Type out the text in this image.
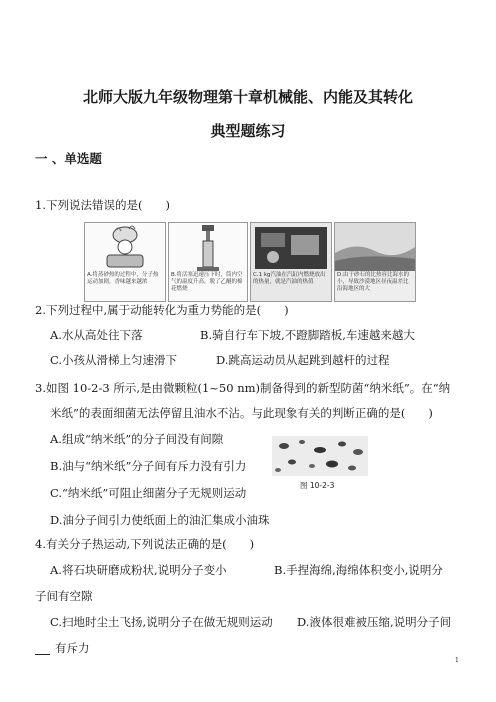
北师大版九年级物理第十章机械能、内能及其转化
典型题练习
一 、单选题
1.下列说法错误的是(　　)
A.将蒸砂热的过程中，分子热运动加剧，香味越来越浓
B.将活塞迅速压下时，筒内空气的温度升高，脱了乙醚的棉花燃烧
C.1 kg汽油在汽缸内燃烧放出的热量，就是汽油的热值
D.由于砂石的比热容比海水的小，导致沙漠地区昼夜温差比沿海地区的大
2.下列过程中,属于动能转化为重力势能的是(　　)
A.水从高处往下落	B.骑自行车下坡,不蹬脚踏板,车速越来越大
C.小孩从滑梯上匀速滑下	D.跳高运动员从起跳到越杆的过程
3.如图 10-2-3 所示,是由微颗粒(1~50 nm)制备得到的新型防菌“纳米纸”。在“纳
米纸”的表面细菌无法停留且油水不沾。与此现象有关的判断正确的是(　　)
A.组成“纳米纸”的分子间没有间隙
B.油与“纳米纸”分子间有斥力没有引力
C.“纳米纸”可阻止细菌分子无规则运动
D.油分子间引力使纸面上的油汇集成小油珠
图 10-2-3
4.有关分子热运动,下列说法正确的是(　　)
A.将石块研磨成粉状,说明分子变小	B.手捏海绵,海绵体积变小,说明分
子间有空隙
C.扫地时尘土飞扬,说明分子在做无规则运动 D.液体很难被压缩,说明分子间
有斥力
1
